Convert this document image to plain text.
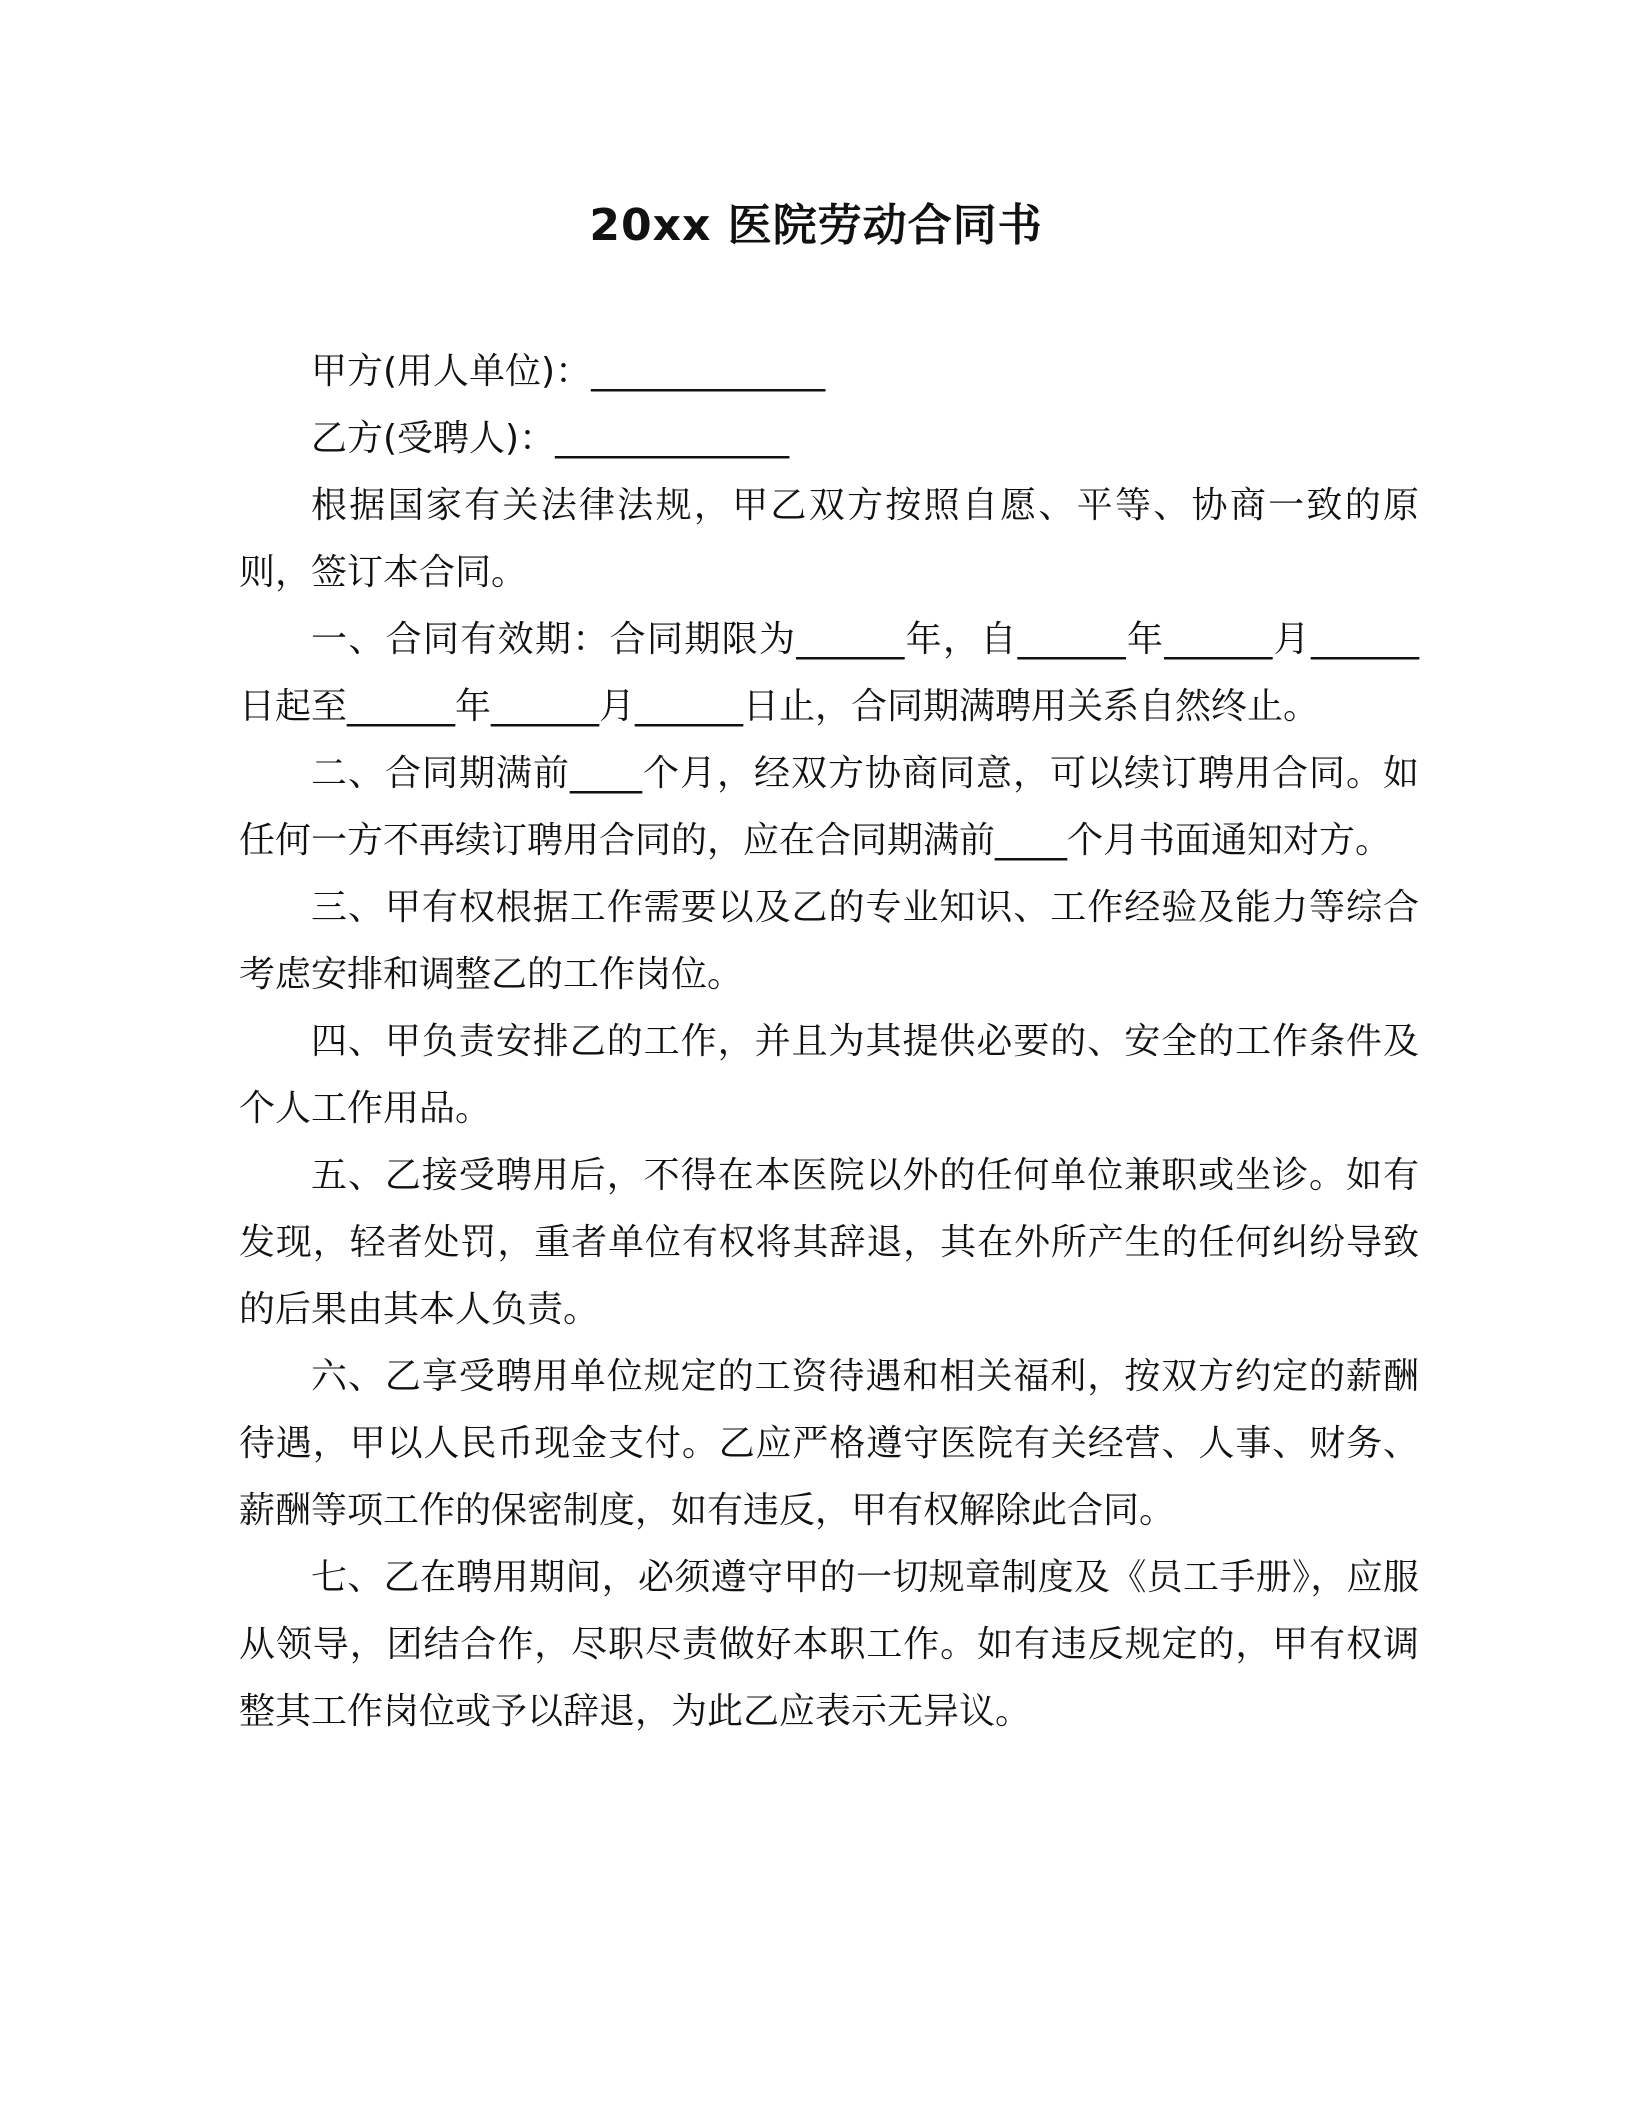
20xx 医院劳动合同书

甲方(用人单位)：_____________

乙方(受聘人)：_____________

根据国家有关法律法规，甲乙双方按照自愿、平等、协商一致的原则，签订本合同。

一、合同有效期：合同期限为______年，自______年______月______日起至______年______月______日止，合同期满聘用关系自然终止。

二、合同期满前____个月，经双方协商同意，可以续订聘用合同。如任何一方不再续订聘用合同的，应在合同期满前____个月书面通知对方。

三、甲有权根据工作需要以及乙的专业知识、工作经验及能力等综合考虑安排和调整乙的工作岗位。

四、甲负责安排乙的工作，并且为其提供必要的、安全的工作条件及个人工作用品。

五、乙接受聘用后，不得在本医院以外的任何单位兼职或坐诊。如有发现，轻者处罚，重者单位有权将其辞退，其在外所产生的任何纠纷导致的后果由其本人负责。

六、乙享受聘用单位规定的工资待遇和相关福利，按双方约定的薪酬待遇，甲以人民币现金支付。乙应严格遵守医院有关经营、人事、财务、薪酬等项工作的保密制度，如有违反，甲有权解除此合同。

七、乙在聘用期间，必须遵守甲的一切规章制度及《员工手册》，应服从领导，团结合作，尽职尽责做好本职工作。如有违反规定的，甲有权调整其工作岗位或予以辞退，为此乙应表示无异议。
